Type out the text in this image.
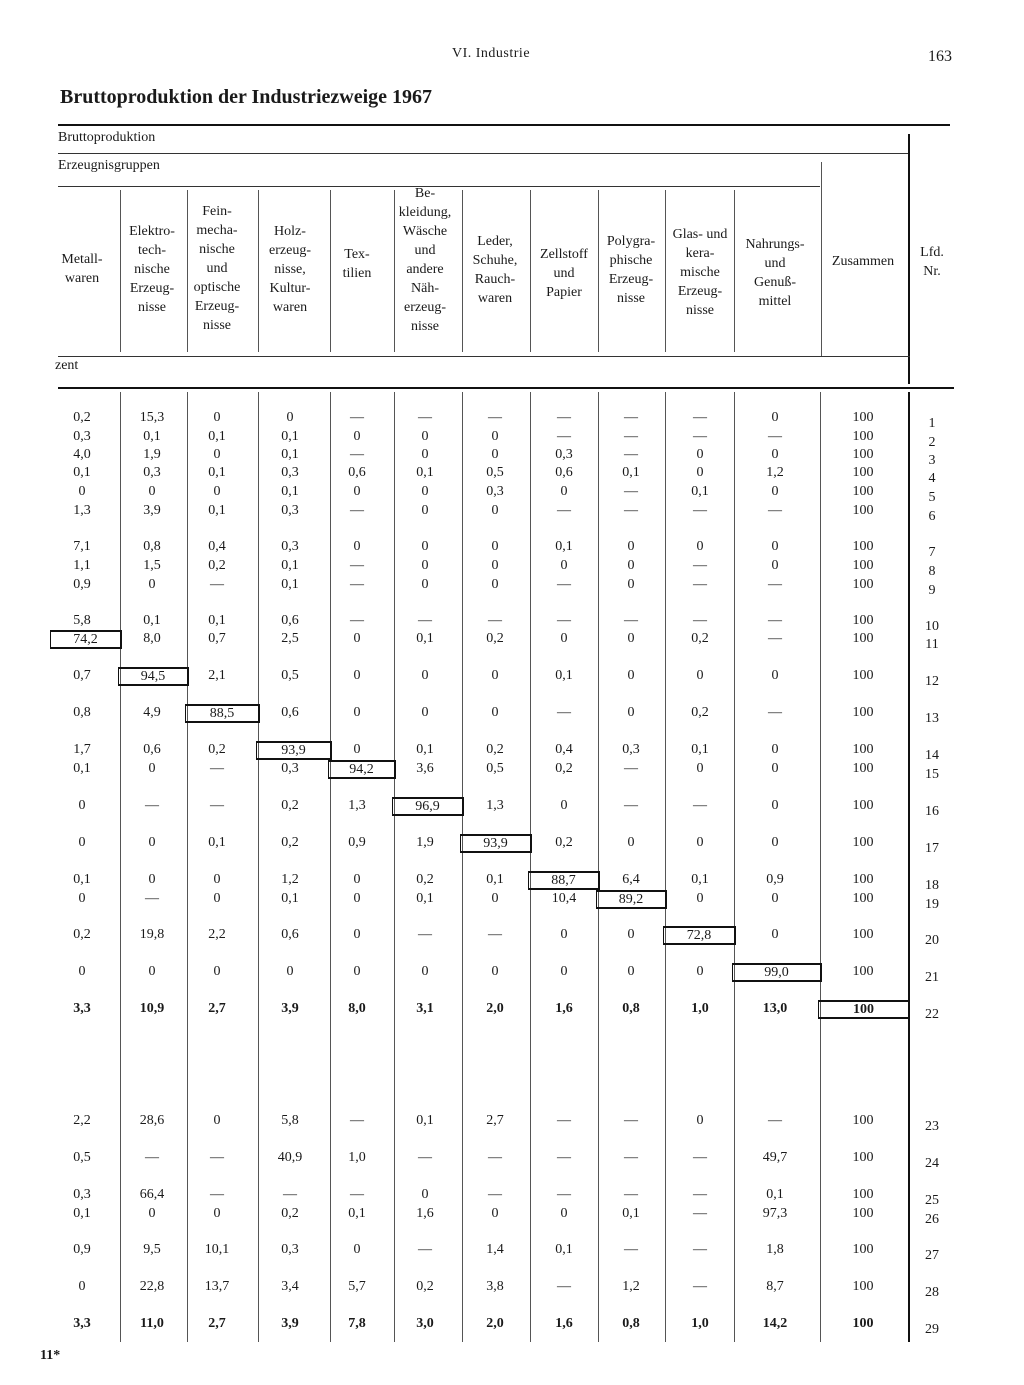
VI. Industrie	163
Bruttoproduktion der Industriezweige 1967
Bruttoproduktion
Erzeugnisgruppen
Metall-
waren
Elektro-
tech-
nische
Erzeug-
nisse
Fein-
mecha-
nische
und
optische
Erzeug-
nisse
Holz-
erzeug-
nisse,
Kultur-
waren
Tex-
tilien
Be-
kleidung,
Wäsche
und
andere
Näh-
erzeug-
nisse
Leder,
Schuhe,
Rauch-
waren
Zellstoff
und
Papier
Polygra-
phische
Erzeug-
nisse
Glas- und
kera-
mische
Erzeug-
nisse
Nahrungs-
und
Genuß-
mittel
Zusammen
Lfd.
Nr.
zent
0,2	15,3	0	0	—	—	—	—	—	—	0	100	1
0,3	0,1	0,1	0,1	0	0	0	—	—	—	—	100	2
4,0	1,9	0	0,1	—	0	0	0,3	—	0	0	100	3
0,1	0,3	0,1	0,3	0,6	0,1	0,5	0,6	0,1	0	1,2	100	4
0	0	0	0,1	0	0	0,3	0	—	0,1	0	100	5
1,3	3,9	0,1	0,3	—	0	0	—	—	—	—	100	6
7,1	0,8	0,4	0,3	0	0	0	0,1	0	0	0	100	7
1,1	1,5	0,2	0,1	—	0	0	0	0	—	0	100	8
0,9	0	—	0,1	—	0	0	—	0	—	—	100	9
5,8	0,1	0,1	0,6	—	—	—	—	—	—	—	100	10
74,2	8,0	0,7	2,5	0	0,1	0,2	0	0	0,2	—	100	11
0,7	94,5	2,1	0,5	0	0	0	0,1	0	0	0	100	12
0,8	4,9	88,5	0,6	0	0	0	—	0	0,2	—	100	13
1,7	0,6	0,2	93,9	0	0,1	0,2	0,4	0,3	0,1	0	100	14
0,1	0	—	0,3	94,2	3,6	0,5	0,2	—	0	0	100	15
0	—	—	0,2	1,3	96,9	1,3	0	—	—	0	100	16
0	0	0,1	0,2	0,9	1,9	93,9	0,2	0	0	0	100	17
0,1	0	0	1,2	0	0,2	0,1	88,7	6,4	0,1	0,9	100	18
0	—	0	0,1	0	0,1	0	10,4	89,2	0	0	100	19
0,2	19,8	2,2	0,6	0	—	—	0	0	72,8	0	100	20
0	0	0	0	0	0	0	0	0	0	99,0	100	21
3,3	10,9	2,7	3,9	8,0	3,1	2,0	1,6	0,8	1,0	13,0	100	22
2,2	28,6	0	5,8	—	0,1	2,7	—	—	0	—	100	23
0,5	—	—	40,9	1,0	—	—	—	—	—	49,7	100	24
0,3	66,4	—	—	—	0	—	—	—	—	0,1	100	25
0,1	0	0	0,2	0,1	1,6	0	0	0,1	—	97,3	100	26
0,9	9,5	10,1	0,3	0	—	1,4	0,1	—	—	1,8	100	27
0	22,8	13,7	3,4	5,7	0,2	3,8	—	1,2	—	8,7	100	28
3,3	11,0	2,7	3,9	7,8	3,0	2,0	1,6	0,8	1,0	14,2	100	29
11*
